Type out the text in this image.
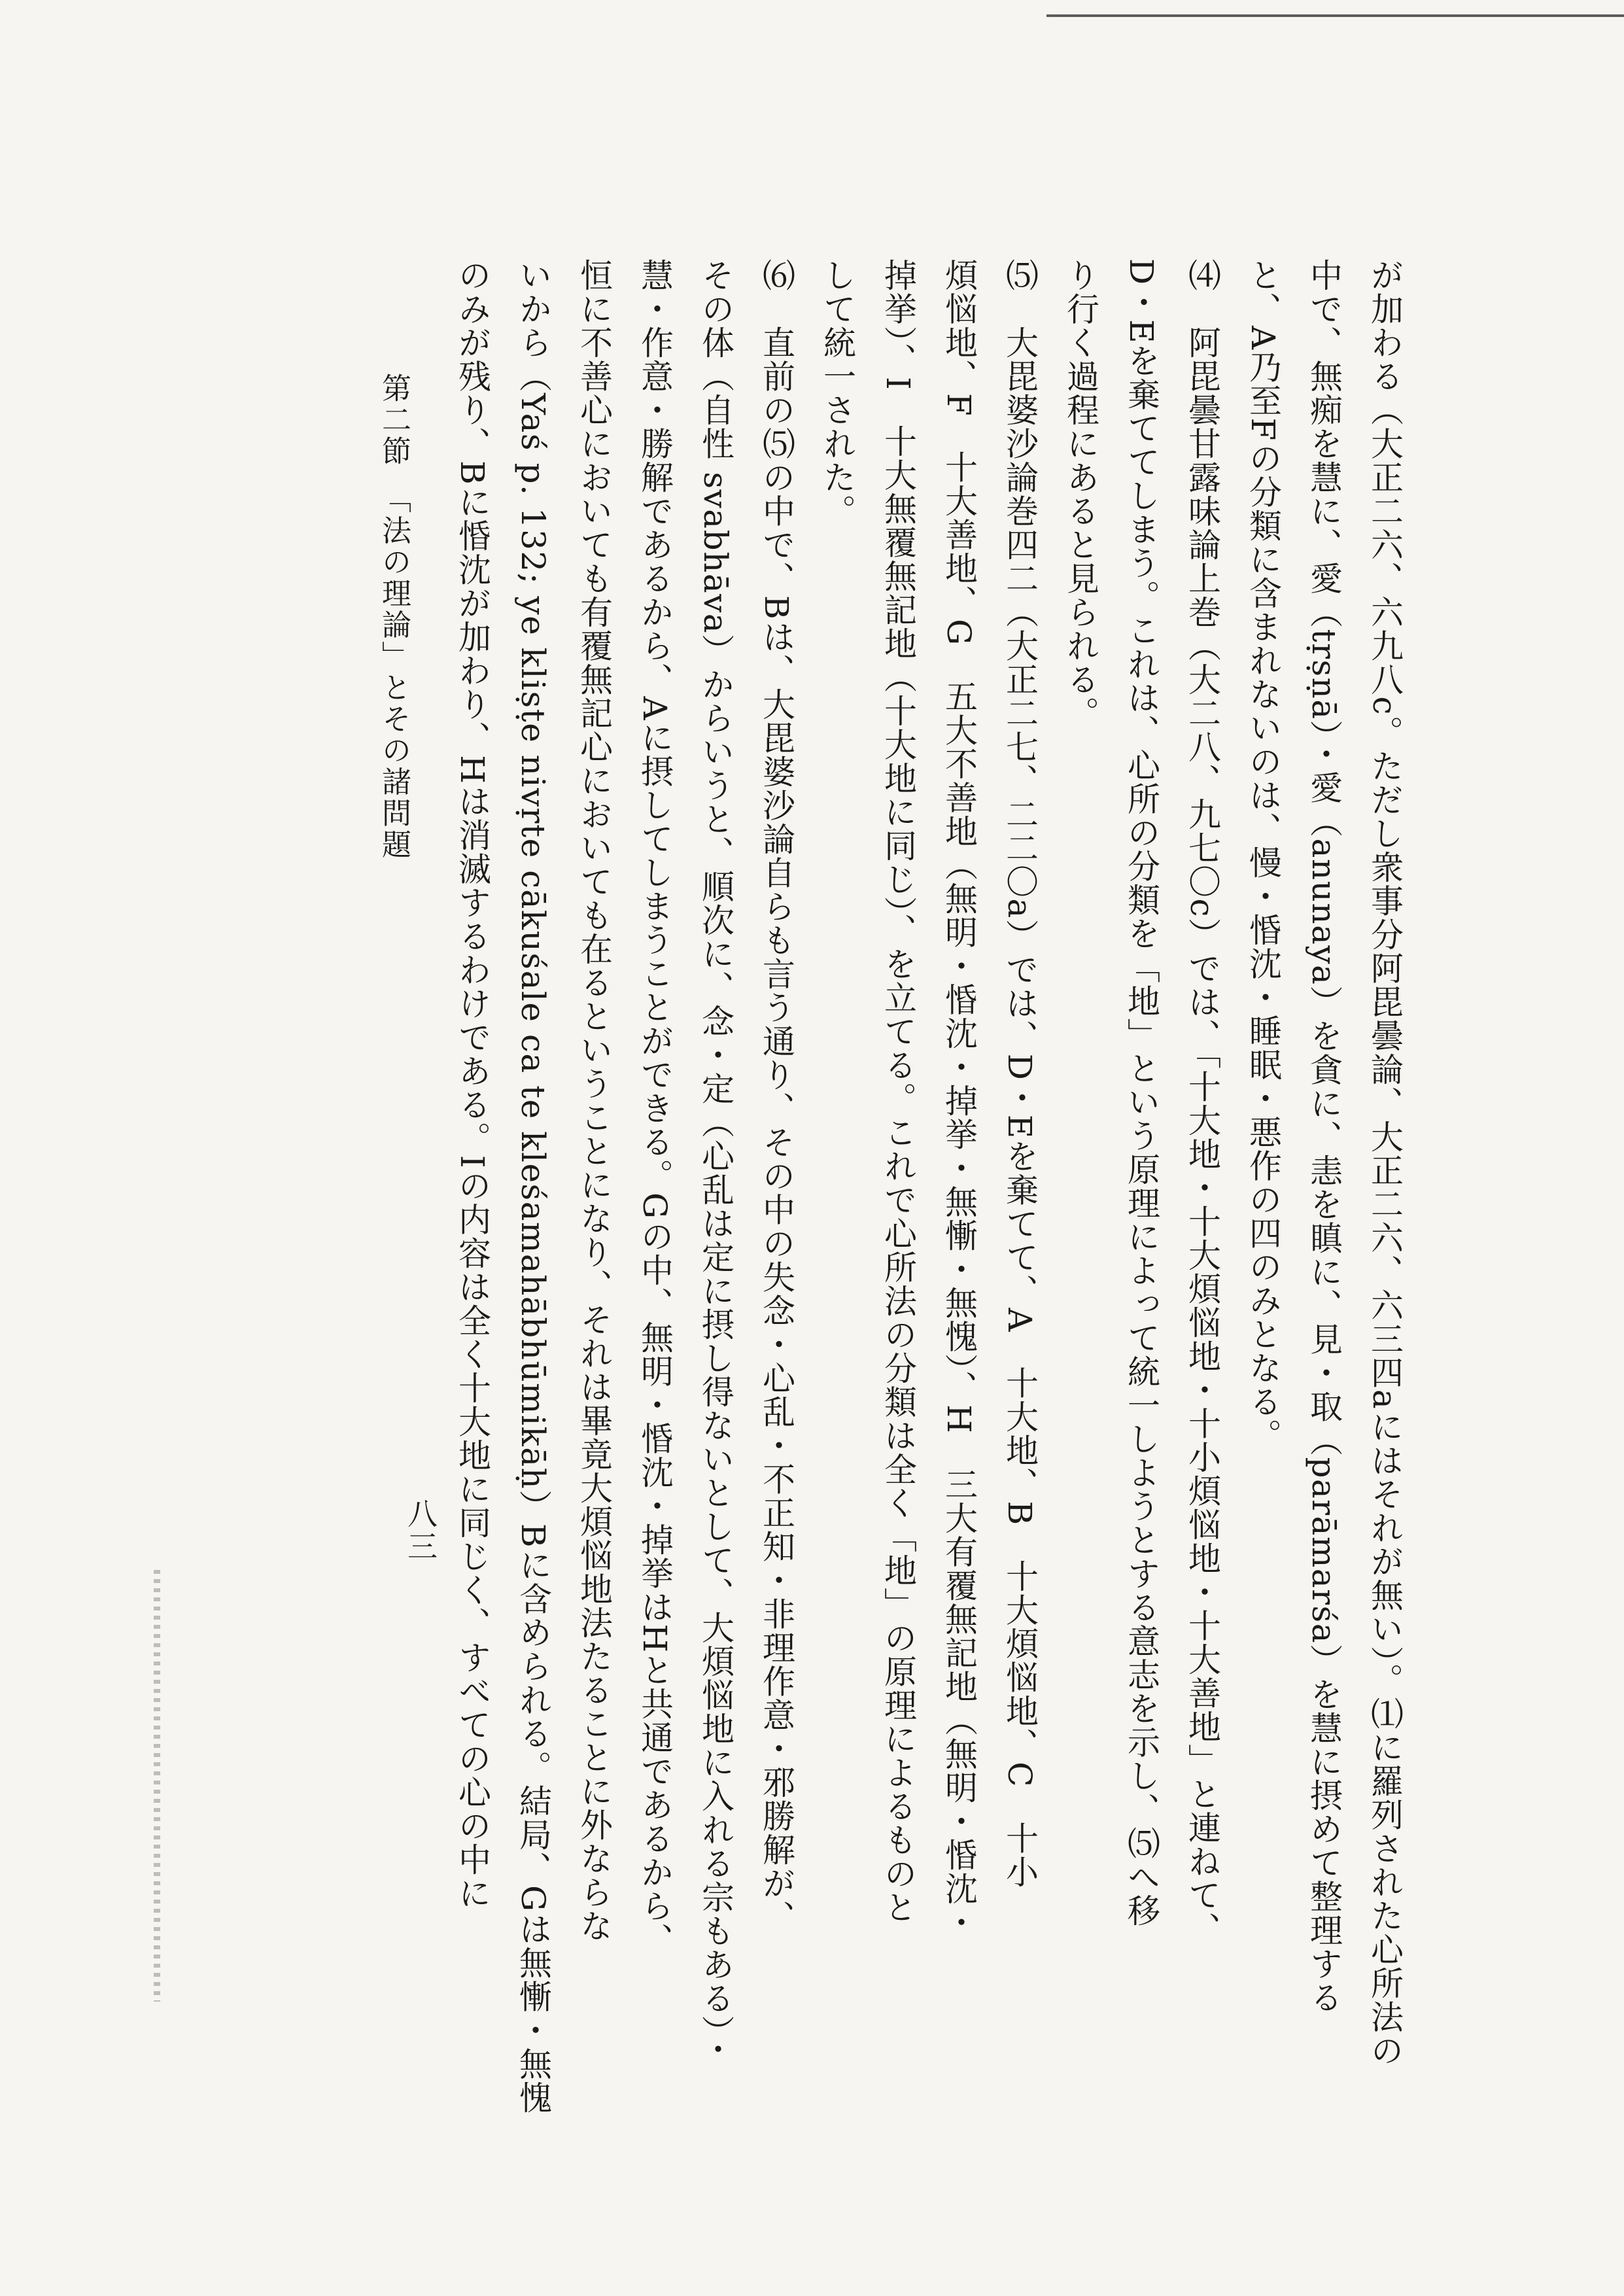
が加わる（大正二六、六九八c。ただし衆事分阿毘曇論、大正二六、六三四aにはそれが無い）。⑴に羅列された心所法の

中で、無痴を慧に、愛（tṛṣṇā）・愛（anunaya）を貪に、恚を瞋に、見・取（parāmarśa）を慧に摂めて整理する

と、A乃至Fの分類に含まれないのは、慢・惛沈・睡眠・悪作の四のみとなる。

⑷　阿毘曇甘露味論上巻（大二八、九七〇c）では、「十大地・十大煩悩地・十小煩悩地・十大善地」と連ねて、

D・Eを棄ててしまう。これは、心所の分類を「地」という原理によって統一しようとする意志を示し、⑸へ移

り行く過程にあると見られる。

⑸　大毘婆沙論巻四二（大正二七、二二〇a）では、D・Eを棄てて、A　十大地、B　十大煩悩地、C　十小

煩悩地、F　十大善地、G　五大不善地（無明・惛沈・掉挙・無慚・無愧）、H　三大有覆無記地（無明・惛沈・

掉挙）、I　十大無覆無記地（十大地に同じ）、を立てる。これで心所法の分類は全く「地」の原理によるものと

して統一された。

⑹　直前の⑸の中で、Bは、大毘婆沙論自らも言う通り、その中の失念・心乱・不正知・非理作意・邪勝解が、

その体（自性 svabhāva）からいうと、順次に、念・定（心乱は定に摂し得ないとして、大煩悩地に入れる宗もある）・

慧・作意・勝解であるから、Aに摂してしまうことができる。Gの中、無明・惛沈・掉挙はHと共通であるから、

恒に不善心においても有覆無記心においても在るということになり、それは畢竟大煩悩地法たることに外ならな

いから（Yaś p. 132; ye kliṣṭe nivṛte cākuśale ca te kleśamahābhūmikāḥ）Bに含められる。結局、Gは無慚・無愧

のみが残り、Bに惛沈が加わり、Hは消滅するわけである。Iの内容は全く十大地に同じく、すべての心の中に

第二節　「法の理論」とその諸問題
八三
